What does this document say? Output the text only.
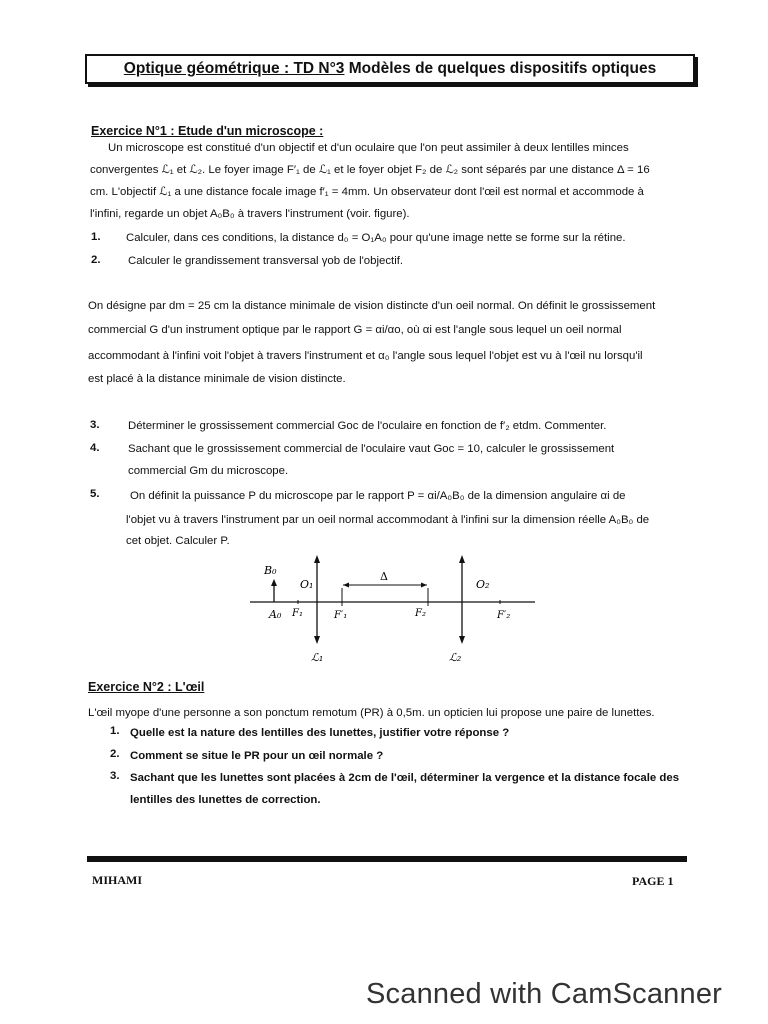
Optique géométrique : TD N°3 Modèles de quelques dispositifs optiques
Exercice N°1 : Etude d'un microscope :
Un microscope est constitué d'un objectif et d'un oculaire que l'on peut assimiler à deux lentilles minces
convergentes ℒ₁ et ℒ₂. Le foyer image F′₁ de ℒ₁ et le foyer objet F₂ de ℒ₂ sont séparés par une distance Δ = 16
cm. L'objectif ℒ₁ a une distance focale image f′₁ = 4mm. Un observateur dont l'œil est normal et accommode à
l'infini, regarde un objet A₀B₀ à travers l'instrument (voir. figure).
1. Calculer, dans ces conditions, la distance d₀ = O₁A₀ pour qu'une image nette se forme sur la rétine.
2. Calculer le grandissement transversal γob de l'objectif.
On désigne par dm = 25 cm la distance minimale de vision distincte d'un oeil normal. On définit le grossissement
commercial G d'un instrument optique par le rapport G = αi/αo, où αi est l'angle sous lequel un oeil normal
accommodant à l'infini voit l'objet à travers l'instrument et α₀ l'angle sous lequel l'objet est vu à l'œil nu lorsqu'il
est placé à la distance minimale de vision distincte.
3.	Déterminer le grossissement commercial Goc de l'oculaire en fonction de f′₂ etdm. Commenter.
4.	Sachant que le grossissement commercial de l'oculaire vaut Goc = 10, calculer le grossissement
commercial Gm du microscope.
5.	On définit la puissance P du microscope par le rapport P = αi/A₀B₀ de la dimension angulaire αi de
l'objet vu à travers l'instrument par un oeil normal accommodant à l'infini sur la dimension réelle A₀B₀ de
cet objet. Calculer P.
B₀
A₀
O₁
F₁	F′₁	F₂
Δ
O₂
F′₂
ℒ₁	ℒ₂
Exercice N°2 : L'œil
L'œil myope d'une personne a son ponctum remotum (PR) à 0,5m. un opticien lui propose une paire de lunettes.
1. Quelle est la nature des lentilles des lunettes, justifier votre réponse ?
2. Comment se situe le PR pour un œil normale ?
3. Sachant que les lunettes sont placées à 2cm de l'œil, déterminer la vergence et la distance focale des
lentilles des lunettes de correction.
MIHAMI	PAGE 1
Scanned with CamScanner
